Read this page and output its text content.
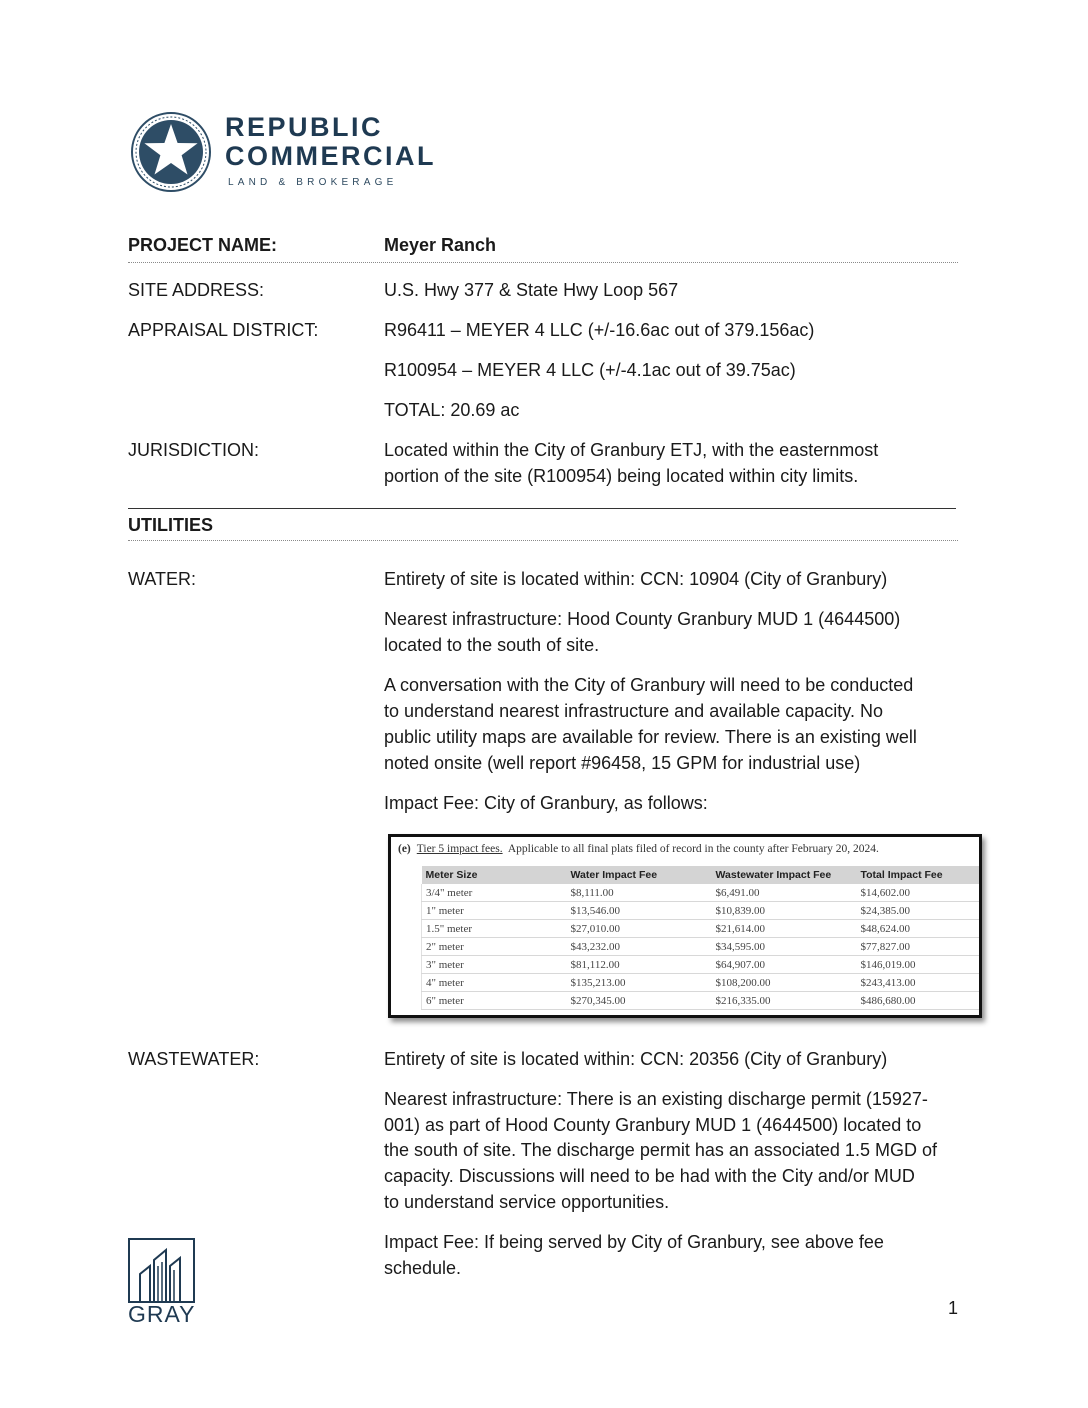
REPUBLIC
COMMERCIAL
LAND & BROKERAGE
PROJECT NAME:	Meyer Ranch
SITE ADDRESS:	U.S. Hwy 377 & State Hwy Loop 567
APPRAISAL DISTRICT:	R96411 – MEYER 4 LLC (+/-16.6ac out of 379.156ac)
R100954 – MEYER 4 LLC (+/-4.1ac out of 39.75ac)
TOTAL: 20.69 ac
JURISDICTION:	Located within the City of Granbury ETJ, with the easternmost
portion of the site (R100954) being located within city limits.
UTILITIES
WATER:	Entirety of site is located within: CCN: 10904 (City of Granbury)
Nearest infrastructure: Hood County Granbury MUD 1 (4644500)
located to the south of site.
A conversation with the City of Granbury will need to be conducted
to understand nearest infrastructure and available capacity. No
public utility maps are available for review. There is an existing well
noted onsite (well report #96458, 15 GPM for industrial use)
Impact Fee: City of Granbury, as follows:
(e) Tier 5 impact fees. Applicable to all final plats filed of record in the county after February 20, 2024.
Meter Size	Water Impact Fee	Wastewater Impact Fee	Total Impact Fee
3/4" meter	$8,111.00	$6,491.00	$14,602.00
1" meter	$13,546.00	$10,839.00	$24,385.00
1.5" meter	$27,010.00	$21,614.00	$48,624.00
2" meter	$43,232.00	$34,595.00	$77,827.00
3" meter	$81,112.00	$64,907.00	$146,019.00
4" meter	$135,213.00	$108,200.00	$243,413.00
6" meter	$270,345.00	$216,335.00	$486,680.00
WASTEWATER:	Entirety of site is located within: CCN: 20356 (City of Granbury)
Nearest infrastructure: There is an existing discharge permit (15927-
001) as part of Hood County Granbury MUD 1 (4644500) located to
the south of site. The discharge permit has an associated 1.5 MGD of
capacity. Discussions will need to be had with the City and/or MUD
to understand service opportunities.
Impact Fee: If being served by City of Granbury, see above fee
schedule.
GRAY	1
